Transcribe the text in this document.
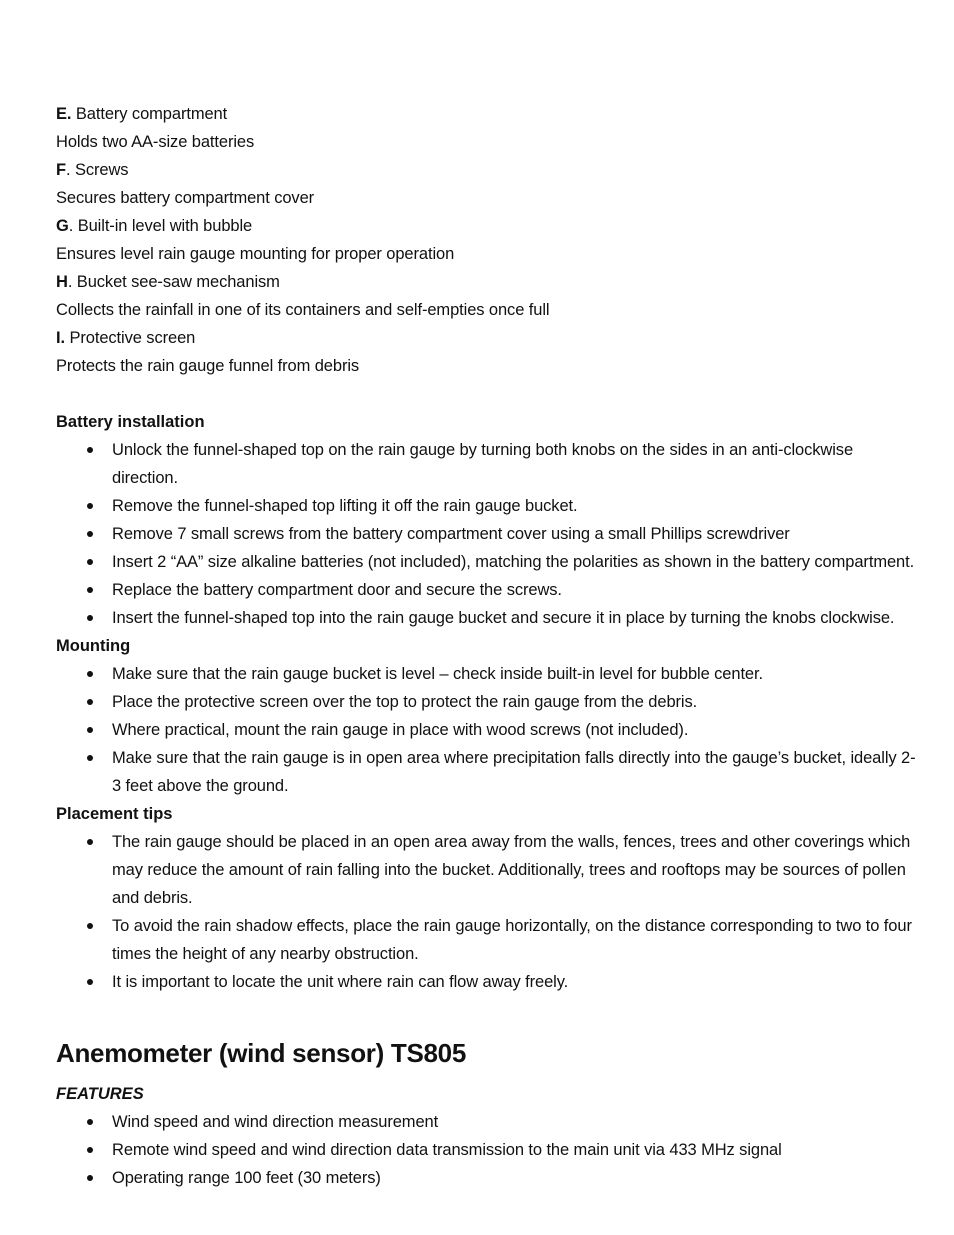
E. Battery compartment
Holds two AA-size batteries
F. Screws
Secures battery compartment cover
G. Built-in level with bubble
Ensures level rain gauge mounting for proper operation
H. Bucket see-saw mechanism
Collects the rainfall in one of its containers and self-empties once full
I. Protective screen
Protects the rain gauge funnel from debris
Battery installation
Unlock the funnel-shaped top on the rain gauge by turning both knobs on the sides in an anti-clockwise direction.
Remove the funnel-shaped top lifting it off the rain gauge bucket.
Remove 7 small screws from the battery compartment cover using a small Phillips screwdriver
Insert 2 “AA” size alkaline batteries (not included), matching the polarities as shown in the battery compartment.
Replace the battery compartment door and secure the screws.
Insert the funnel-shaped top into the rain gauge bucket and secure it in place by turning the knobs clockwise.
Mounting
Make sure that the rain gauge bucket is level – check inside built-in level for bubble center.
Place the protective screen over the top to protect the rain gauge from the debris.
Where practical, mount the rain gauge in place with wood screws (not included).
Make sure that the rain gauge is in open area where precipitation falls directly into the gauge’s bucket, ideally 2-3 feet above the ground.
Placement tips
The rain gauge should be placed in an open area away from the walls, fences, trees and other coverings which may reduce the amount of rain falling into the bucket. Additionally, trees and rooftops may be sources of pollen and debris.
To avoid the rain shadow effects, place the rain gauge horizontally, on the distance corresponding to two to four times the height of any nearby obstruction.
It is important to locate the unit where rain can flow away freely.
Anemometer (wind sensor) TS805
FEATURES
Wind speed and wind direction measurement
Remote wind speed and wind direction data transmission to the main unit via 433 MHz signal
Operating range 100 feet (30 meters)
